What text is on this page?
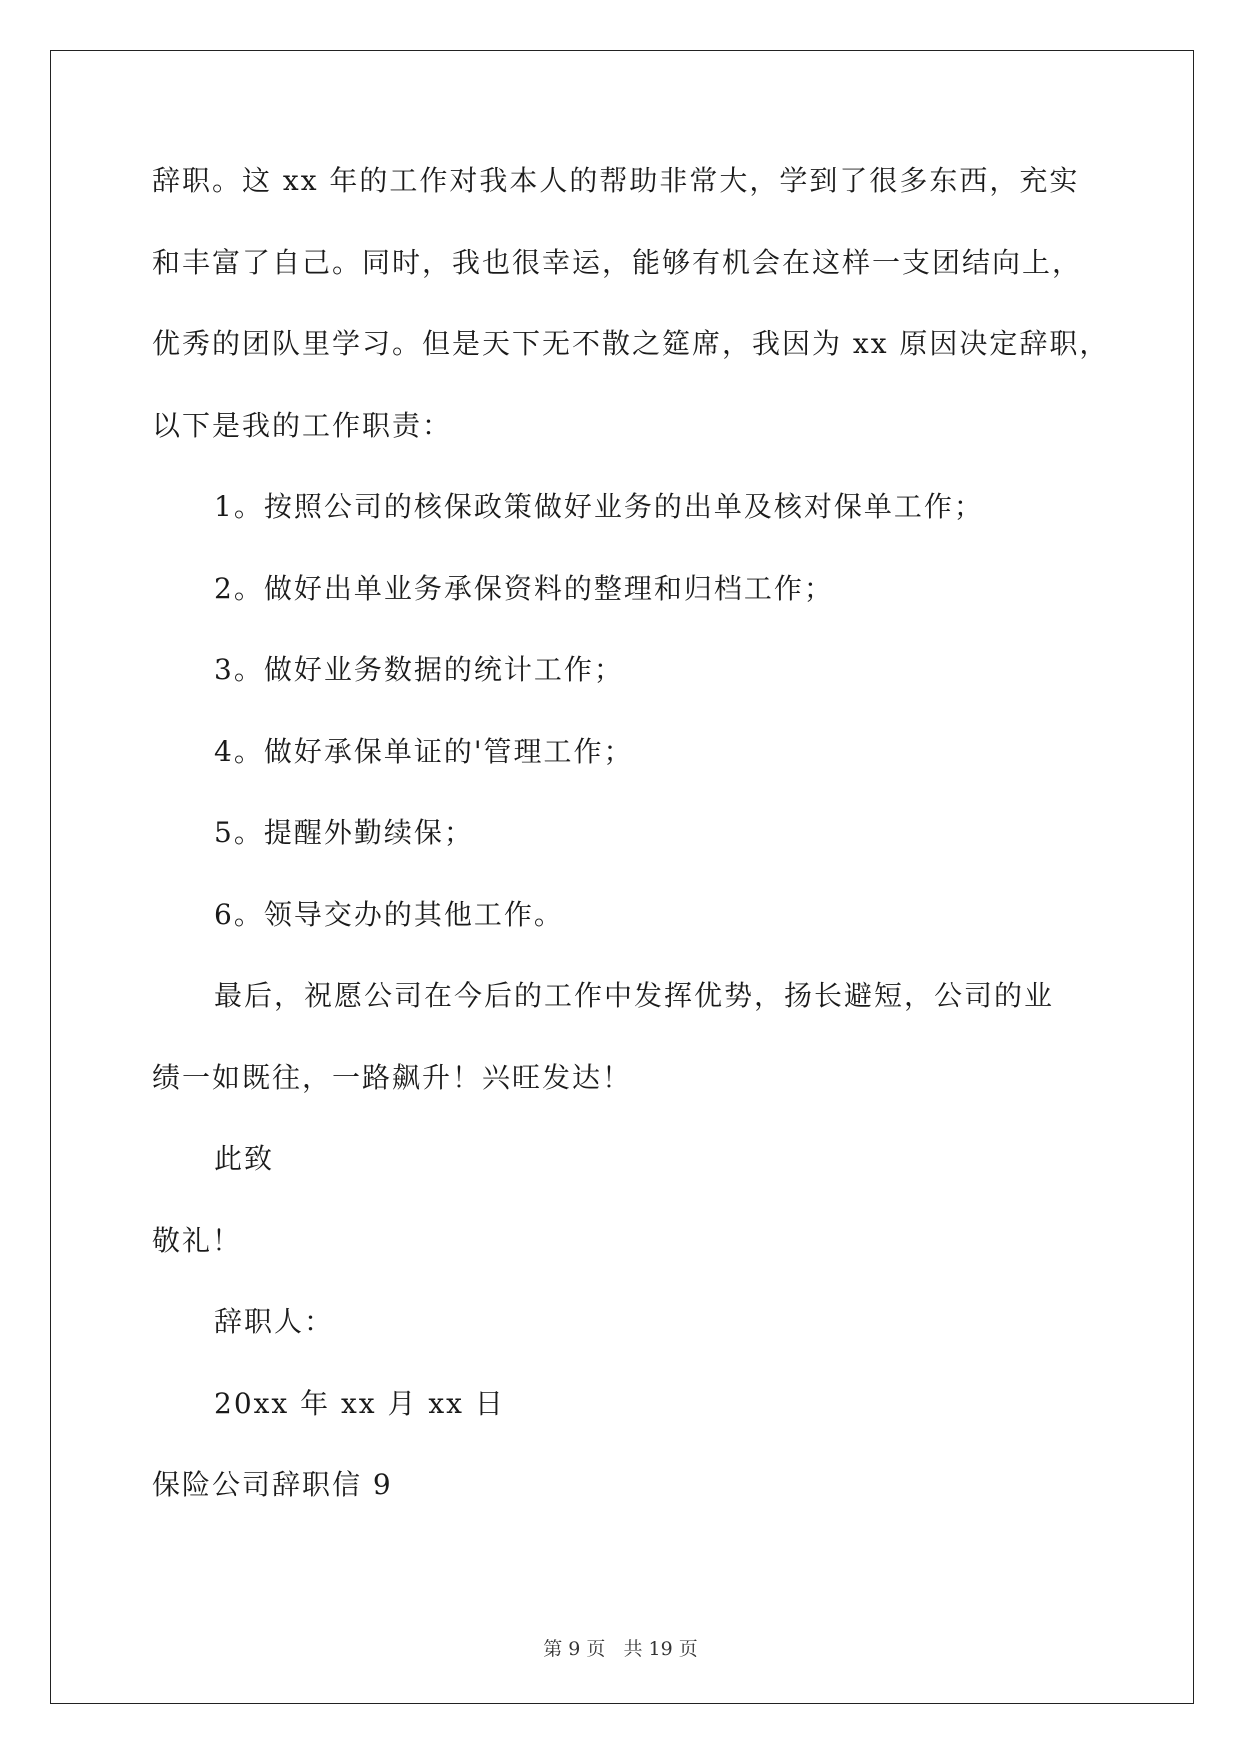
辞职。这 xx 年的工作对我本人的帮助非常大，学到了很多东西，充实
和丰富了自己。同时，我也很幸运，能够有机会在这样一支团结向上，
优秀的团队里学习。但是天下无不散之筵席，我因为 xx 原因决定辞职，
以下是我的工作职责：
1。按照公司的核保政策做好业务的出单及核对保单工作；
2。做好出单业务承保资料的整理和归档工作；
3。做好业务数据的统计工作；
4。做好承保单证的'管理工作；
5。提醒外勤续保；
6。领导交办的其他工作。
最后，祝愿公司在今后的工作中发挥优势，扬长避短，公司的业
绩一如既往，一路飙升！兴旺发达！
此致
敬礼！
辞职人：
20xx 年 xx 月 xx 日
保险公司辞职信 9
第 9 页   共 19 页
